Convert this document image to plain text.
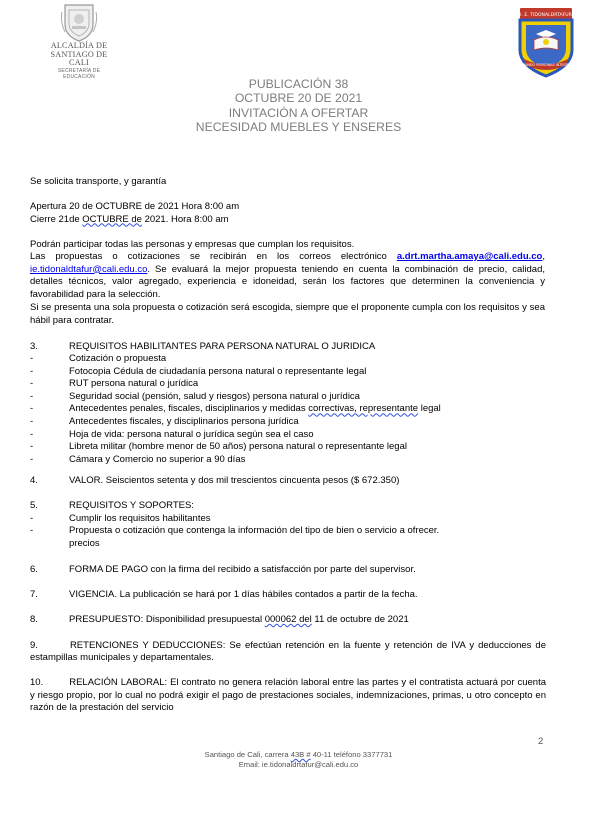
ALCALDÍA DE
SANTIAGO DE CALI
SECRETARÍA DE EDUCACIÓN
I. E. TIDONALDRTAFUR
FORMANDO PERSONAS INTEGRALES
PUBLICACIÓN 38
OCTUBRE 20 DE 2021
INVITACIÓN A OFERTAR
NECESIDAD MUEBLES Y ENSERES
Se solicita transporte, y garantía
Apertura 20 de OCTUBRE de 2021 Hora 8:00 am
Cierre 21de OCTUBRE de 2021. Hora 8:00 am
Podrán participar todas las personas y empresas que cumplan los requisitos.
Las propuestas o cotizaciones se recibirán en los correos electrónico a.drt.martha.amaya@cali.edu.co, ie.tidonaldtafur@cali.edu.co. Se evaluará la mejor propuesta teniendo en cuenta la combinación de precio, calidad, detalles técnicos, valor agregado, experiencia e idoneidad, serán los factores que determinen la conveniencia y favorabilidad para la selección.
Si se presenta una sola propuesta o cotización será escogida, siempre que el proponente cumpla con los requisitos y sea hábil para contratar.
3.	REQUISITOS HABILITANTES PARA PERSONA NATURAL O JURIDICA
-	Cotización o propuesta
-	Fotocopia Cédula de ciudadanía persona natural o representante legal
-	RUT persona natural o jurídica
-	Seguridad social (pensión, salud y riesgos) persona natural o jurídica
-	Antecedentes penales, fiscales, disciplinarios y medidas correctivas, representante legal
-	Antecedentes fiscales, y disciplinarios persona jurídica
-	Hoja de vida: persona natural o jurídica según sea el caso
-	Libreta militar (hombre menor de 50 años) persona natural o representante legal
-	Cámara y Comercio no superior a 90 días
4.	VALOR. Seiscientos setenta y dos mil trescientos cincuenta pesos ($ 672.350)
5.	REQUISITOS Y SOPORTES:
-	Cumplir los requisitos habilitantes
-	Propuesta o cotización que contenga la información del tipo de bien o servicio a ofrecer.
precios
6.	FORMA DE PAGO con la firma del recibido a satisfacción por parte del supervisor.
7.	VIGENCIA. La publicación se hará por 1 días hábiles contados a partir de la fecha.
8.	PRESUPUESTO: Disponibilidad presupuestal 000062 del 11 de octubre de 2021
9.	RETENCIONES Y DEDUCCIONES: Se efectúan retención en la fuente y retención de IVA y deducciones de estampillas municipales y departamentales.
10.	RELACIÓN LABORAL: El contrato no genera relación laboral entre las partes y el contratista actuará por cuenta y riesgo propio, por lo cual no podrá exigir el pago de prestaciones sociales, indemnizaciones, primas, u otro concepto en razón de la prestación del servicio
2
Santiago de Cali, carrera 43B # 40-11 teléfono 3377731
Email: ie.tidonaldrtafur@cali.edu.co
